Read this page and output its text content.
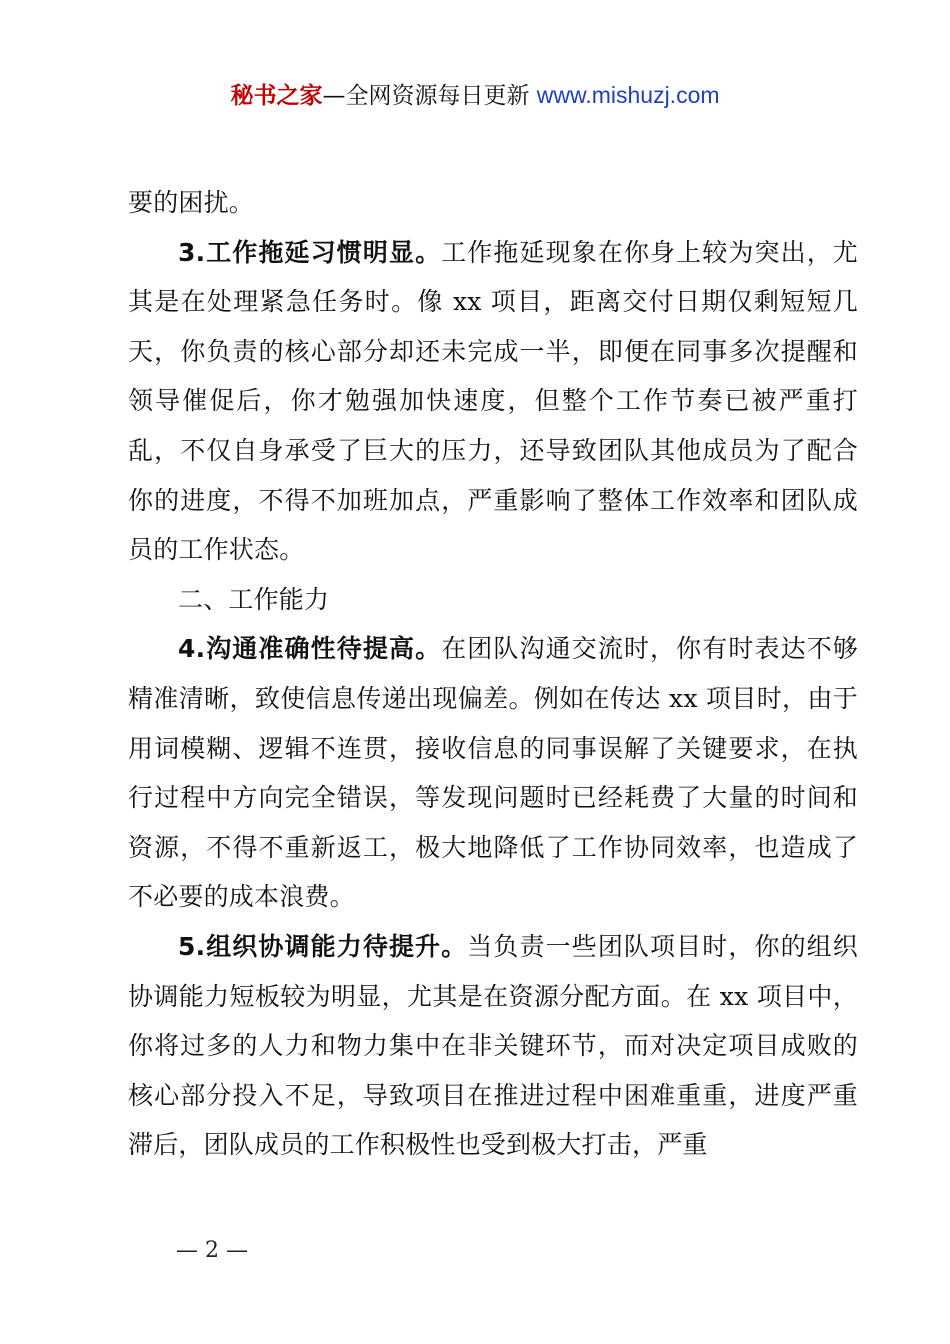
秘书之家—全网资源每日更新 www.mishuzj.com

要的困扰。

3.工作拖延习惯明显。工作拖延现象在你身上较为突出，尤其是在处理紧急任务时。像 xx 项目，距离交付日期仅剩短短几天，你负责的核心部分却还未完成一半，即便在同事多次提醒和领导催促后，你才勉强加快速度，但整个工作节奏已被严重打乱，不仅自身承受了巨大的压力，还导致团队其他成员为了配合你的进度，不得不加班加点，严重影响了整体工作效率和团队成员的工作状态。

二、工作能力

4.沟通准确性待提高。在团队沟通交流时，你有时表达不够精准清晰，致使信息传递出现偏差。例如在传达 xx 项目时，由于用词模糊、逻辑不连贯，接收信息的同事误解了关键要求，在执行过程中方向完全错误，等发现问题时已经耗费了大量的时间和资源，不得不重新返工，极大地降低了工作协同效率，也造成了不必要的成本浪费。

5.组织协调能力待提升。当负责一些团队项目时，你的组织协调能力短板较为明显，尤其是在资源分配方面。在 xx 项目中，你将过多的人力和物力集中在非关键环节，而对决定项目成败的核心部分投入不足，导致项目在推进过程中困难重重，进度严重滞后，团队成员的工作积极性也受到极大打击，严重

— 2 —
